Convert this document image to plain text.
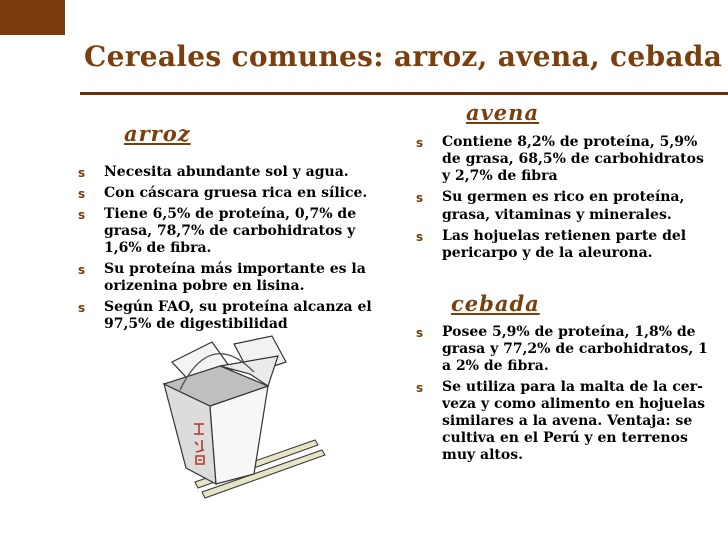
Cereales comunes: arroz, avena, cebada
arroz
s Necesita abundante sol y agua.
s Con cáscara gruesa rica en sílice.
s Tiene 6,5% de proteína, 0,7% de grasa, 78,7% de carbohidratos y 1,6% de fibra.
s Su proteína más importante es la orizenina pobre en lisina.
s Según FAO, su proteína alcanza el 97,5% de digestibilidad
avena
s Contiene 8,2% de proteína, 5,9% de grasa, 68,5% de carbohidratos y 2,7% de fibra
s Su germen es rico en proteína,
grasa, vitaminas y minerales.
s Las hojuelas retienen parte del pericarpo y de la aleurona.
cebada
s Posee 5,9% de proteína, 1,8% de grasa y 77,2% de carbohidratos, 1 a 2% de fibra.
s Se utiliza para la malta de la cer-veza y como alimento en hojuelas similares a la avena. Ventaja: se cultiva en el Perú y en terrenos muy altos.
